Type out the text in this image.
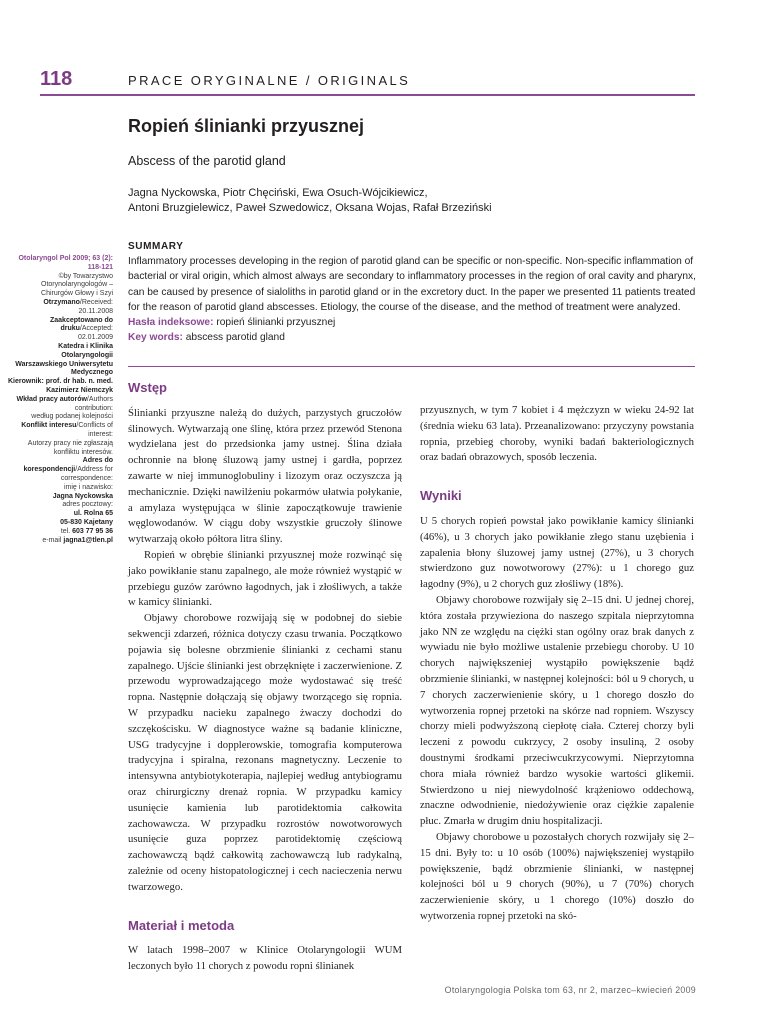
118	PRACE ORYGINALNE / ORIGINALS
Ropień ślinianki przyusznej
Abscess of the parotid gland
Jagna Nyckowska, Piotr Chęciński, Ewa Osuch-Wójcikiewicz,
Antoni Bruzgielewicz, Paweł Szwedowicz, Oksana Wojas, Rafał Brzeziński
SUMMARY
Inflammatory processes developing in the region of parotid gland can be specific or non-specific. Non-specific inflammation of bacterial or viral origin, which almost always are secondary to inflammatory processes in the region of oral cavity and pharynx, can be caused by presence of sialoliths in parotid gland or in the excretory duct. In the paper we presented 11 patients treated for the reason of parotid gland abscesses. Etiology, the course of the disease, and the method of treatment were analyzed.
Hasła indeksowe: ropień ślinianki przyusznej
Key words: abscess parotid gland
Otolaryngol Pol 2009; 63 (2): 118-121
©by Towarzystwo Otorynolaryngologów – Chirurgów Głowy i Szyi
Otrzymano/Received:
20.11.2008
Zaakceptowano do druku/Accepted:
02.01.2009
Katedra i Klinika Otolaryngologii Warszawskiego Uniwersytetu Medycznego
Kierownik: prof. dr hab. n. med. Kazimierz Niemczyk
Wkład pracy autorów/Authors contribution:
według podanej kolejności
Konflikt interesu/Conflicts of interest:
Autorzy pracy nie zgłaszają konfliktu interesów.
Adres do korespondencji/Address for correspondence:
imię i nazwisko:
Jagna Nyckowska
adres pocztowy:
ul. Rolna 65
05-830 Kajetany
tel. 603 77 95 36
e-mail jagna1@tlen.pl
Wstęp

Ślinianki przyuszne należą do dużych, parzystych gruczołów ślinowych. Wytwarzają one ślinę, która przez przewód Stenona wydzielana jest do przedsionka jamy ustnej. Ślina działa ochronnie na błonę śluzową jamy ustnej i gardła, poprzez zawarte w niej immunoglobuliny i lizozym oraz oczyszcza ją mechanicznie. Dzięki nawilżeniu pokarmów ułatwia połykanie, a amylaza występująca w ślinie zapoczątkowuje trawienie węglowodanów. W ciągu doby wszystkie gruczoły ślinowe wytwarzają około półtora litra śliny.

Ropień w obrębie ślinianki przyusznej może rozwinąć się jako powikłanie stanu zapalnego, ale może również wystąpić w przebiegu guzów zarówno łagodnych, jak i złośliwych, a także w kamicy ślinianki.

Objawy chorobowe rozwijają się w podobnej do siebie sekwencji zdarzeń, różnica dotyczy czasu trwania. Początkowo pojawia się bolesne obrzmienie ślinianki z cechami stanu zapalnego. Ujście ślinianki jest obrzęknięte i zaczerwienione. Z przewodu wyprowadzającego może wydostawać się treść ropna. Następnie dołączają się objawy tworzącego się ropnia. W przypadku nacieku zapalnego żwaczy dochodzi do szczękościsku. W diagnostyce ważne są badanie kliniczne, USG tradycyjne i dopplerowskie, tomografia komputerowa tradycyjna i spiralna, rezonans magnetyczny. Leczenie to intensywna antybiotykoterapia, najlepiej według antybiogramu oraz chirurgiczny drenaż ropnia. W przypadku kamicy usunięcie kamienia lub parotidektomia całkowita zachowawcza. W przypadku rozrostów nowotworowych usunięcie guza poprzez parotidektomię częściową zachowawczą bądź całkowitą zachowawczą lub radykalną, zależnie od oceny histopatologicznej i cech nacieczenia nerwu twarzowego.

Materiał i metoda

W latach 1998–2007 w Klinice Otolaryngologii WUM leczonych było 11 chorych z powodu ropni ślinianek

przyusznych, w tym 7 kobiet i 4 mężczyzn w wieku 24-92 lat (średnia wieku 63 lata). Przeanalizowano: przyczyny powstania ropnia, przebieg choroby, wyniki badań bakteriologicznych oraz badań obrazowych, sposób leczenia.

Wyniki

U 5 chorych ropień powstał jako powikłanie kamicy ślinianki (46%), u 3 chorych jako powikłanie złego stanu uzębienia i zapalenia błony śluzowej jamy ustnej (27%), u 3 chorych stwierdzono guz nowotworowy (27%): u 1 chorego guz łagodny (9%), u 2 chorych guz złośliwy (18%).

Objawy chorobowe rozwijały się 2–15 dni. U jednej chorej, która została przywieziona do naszego szpitala nieprzytomna jako NN ze względu na ciężki stan ogólny oraz brak danych z wywiadu nie było możliwe ustalenie przebiegu choroby. U 10 chorych największeniej wystąpiło powiększenie bądź obrzmienie ślinianki, w następnej kolejności: ból u 9 chorych, u 7 chorych zaczerwienienie skóry, u 1 chorego doszło do wytworzenia ropnej przetoki na skórze nad ropniem. Wszyscy chorzy mieli podwyższoną ciepłotę ciała. Czterej chorzy byli leczeni z powodu cukrzycy, 2 osoby insuliną, 2 osoby doustnymi środkami przeciwcukrzycowymi. Nieprzytomna chora miała również bardzo wysokie wartości glikemii. Stwierdzono u niej niewydolność krążeniowo oddechową, znaczne odwodnienie, niedożywienie oraz ciężkie zapalenie płuc. Zmarła w drugim dniu hospitalizacji.

Objawy chorobowe u pozostałych chorych rozwijały się 2–15 dni. Były to: u 10 osób (100%) największeniej wystąpiło powiększenie, bądź obrzmienie ślinianki, w następnej kolejności ból u 9 chorych (90%), u 7 (70%) chorych zaczerwienienie skóry, u 1 chorego (10%) doszło do wytworzenia ropnej przetoki na skó-

Otolaryngologia Polska tom 63, nr 2, marzec–kwiecień 2009
